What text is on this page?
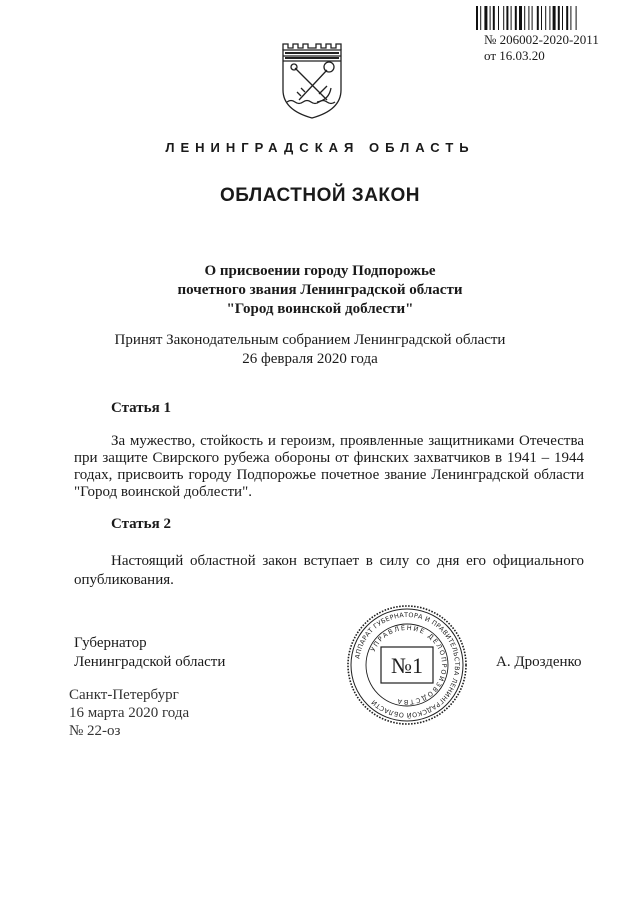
№ 206002-2020-2011
от 16.03.20
ЛЕНИНГРАДСКАЯ ОБЛАСТЬ
ОБЛАСТНОЙ ЗАКОН
О присвоении городу Подпорожье
почетного звания Ленинградской области
"Город воинской доблести"
Принят Законодательным собранием Ленинградской области
26 февраля 2020 года
Статья 1
За мужество, стойкость и героизм, проявленные защитниками Отечества при защите Свирского рубежа обороны от финских захватчиков в 1941 – 1944 годах, присвоить городу Подпорожье почетное звание Ленинградской области "Город воинской доблести".
Статья 2
Настоящий областной закон вступает в силу со дня его официального опубликования.
Губернатор
Ленинградской области	А. Дрозденко
АППАРАТ ГУБЕРНАТОРА И ПРАВИТЕЛЬСТВА ЛЕНИНГРАДСКОЙ ОБЛАСТИ
УПРАВЛЕНИЕ ДЕЛОПРОИЗВОДСТВА
№1
Санкт-Петербург
16 марта 2020 года
№ 22-оз
